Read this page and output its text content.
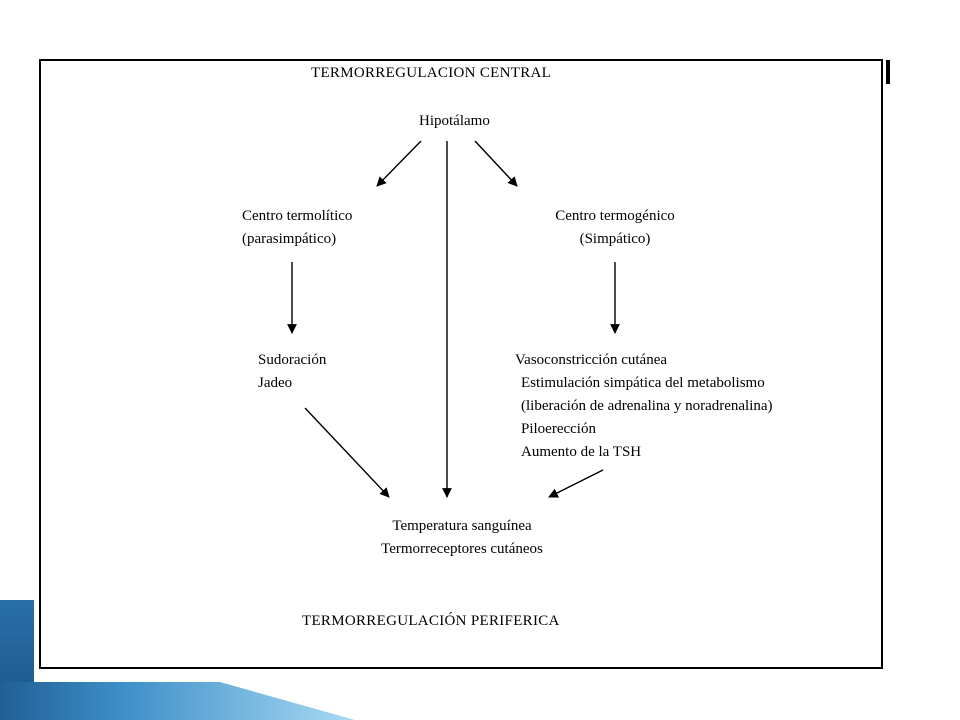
TERMORREGULACION CENTRAL
Hipotálamo
Centro termolítico
(parasimpático)
Centro termogénico
(Simpático)
Sudoración
Jadeo
Vasoconstricción cutánea
Estimulación simpática del metabolismo
(liberación de adrenalina y noradrenalina)
Piloerección
Aumento de la TSH
Temperatura sanguínea
Termorreceptores cutáneos
TERMORREGULACIÓN PERIFERICA
